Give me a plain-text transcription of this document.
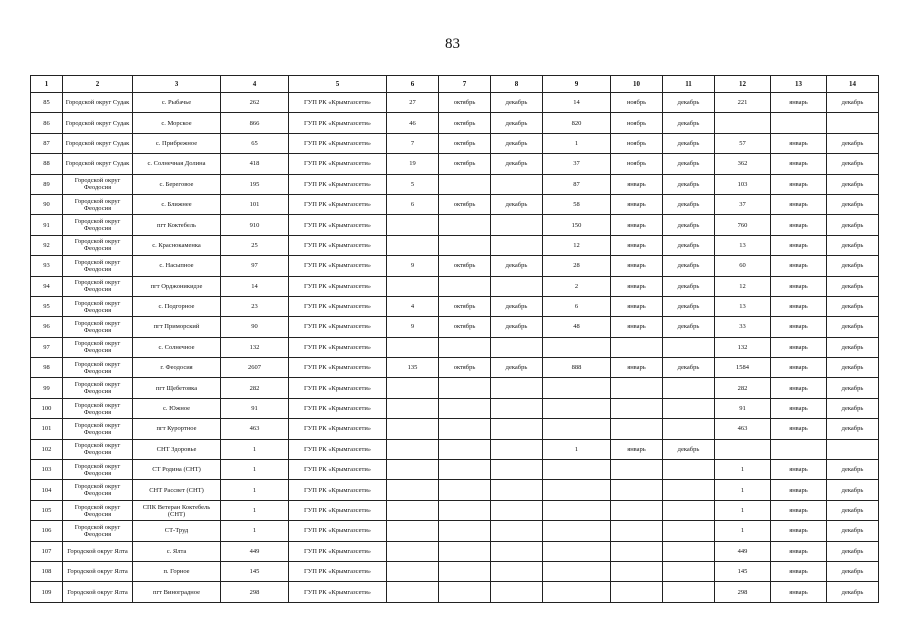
83
1	2	3	4	5	6	7	8	9	10	11	12	13	14
85	Городской округ Судак	с. Рыбачье	262	ГУП РК «Крымгазсети»	27	октябрь	декабрь	14	ноябрь	декабрь	221	январь	декабрь
86	Городской округ Судак	с. Морское	866	ГУП РК «Крымгазсети»	46	октябрь	декабрь	820	ноябрь	декабрь			
87	Городской округ Судак	с. Прибрежное	65	ГУП РК «Крымгазсети»	7	октябрь	декабрь	1	ноябрь	декабрь	57	январь	декабрь
88	Городской округ Судак	с. Солнечная Долина	418	ГУП РК «Крымгазсети»	19	октябрь	декабрь	37	ноябрь	декабрь	362	январь	декабрь
89	Городской округ Феодосия	с. Береговое	195	ГУП РК «Крымгазсети»	5			87	январь	декабрь	103	январь	декабрь
90	Городской округ Феодосия	с. Ближнее	101	ГУП РК «Крымгазсети»	6	октябрь	декабрь	58	январь	декабрь	37	январь	декабрь
91	Городской округ Феодосия	пгт Коктебель	910	ГУП РК «Крымгазсети»				150	январь	декабрь	760	январь	декабрь
92	Городской округ Феодосия	с. Краснокаменка	25	ГУП РК «Крымгазсети»				12	январь	декабрь	13	январь	декабрь
93	Городской округ Феодосия	с. Насыпное	97	ГУП РК «Крымгазсети»	9	октябрь	декабрь	28	январь	декабрь	60	январь	декабрь
94	Городской округ Феодосия	пгт Орджоникидзе	14	ГУП РК «Крымгазсети»				2	январь	декабрь	12	январь	декабрь
95	Городской округ Феодосия	с. Подгорное	23	ГУП РК «Крымгазсети»	4	октябрь	декабрь	6	январь	декабрь	13	январь	декабрь
96	Городской округ Феодосия	пгт Приморский	90	ГУП РК «Крымгазсети»	9	октябрь	декабрь	48	январь	декабрь	33	январь	декабрь
97	Городской округ Феодосия	с. Солнечное	132	ГУП РК «Крымгазсети»							132	январь	декабрь
98	Городской округ Феодосия	г. Феодосия	2607	ГУП РК «Крымгазсети»	135	октябрь	декабрь	888	январь	декабрь	1584	январь	декабрь
99	Городской округ Феодосия	пгт Щебетовка	282	ГУП РК «Крымгазсети»							282	январь	декабрь
100	Городской округ Феодосия	с. Южное	91	ГУП РК «Крымгазсети»							91	январь	декабрь
101	Городской округ Феодосия	пгт Курортное	463	ГУП РК «Крымгазсети»							463	январь	декабрь
102	Городской округ Феодосия	СНТ Здоровье	1	ГУП РК «Крымгазсети»				1	январь	декабрь			
103	Городской округ Феодосия	СТ Родина (СНТ)	1	ГУП РК «Крымгазсети»							1	январь	декабрь
104	Городской округ Феодосия	СНТ Рассвет (СНТ)	1	ГУП РК «Крымгазсети»							1	январь	декабрь
105	Городской округ Феодосия	СПК Ветеран Коктебель (СНТ)	1	ГУП РК «Крымгазсети»							1	январь	декабрь
106	Городской округ Феодосия	СТ-Труд	1	ГУП РК «Крымгазсети»							1	январь	декабрь
107	Городской округ Ялта	с. Ялта	449	ГУП РК «Крымгазсети»							449	январь	декабрь
108	Городской округ Ялта	п. Горное	145	ГУП РК «Крымгазсети»							145	январь	декабрь
109	Городской округ Ялта	пгт Виноградное	298	ГУП РК «Крымгазсети»							298	январь	декабрь
